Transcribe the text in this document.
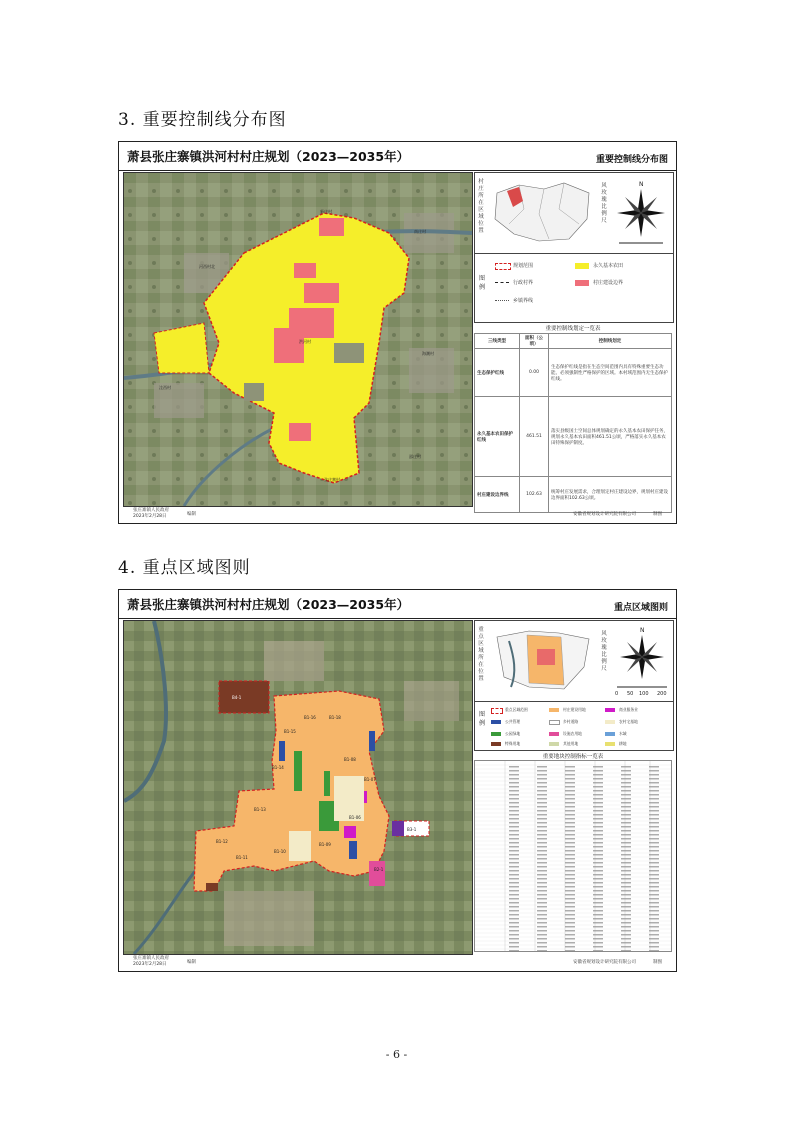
3. 重要控制线分布图
萧县张庄寨镇洪河村村庄规划（2023—2035年）	重要控制线分布图
新庄村
南庄村
河西村北
海潮村
洼西村
洪河村
邵庄村
张庄寨村
村庄所在区域位置
风玫瑰比例尺
N
图例
规划范围	永久基本农田
行政村界	村庄建设边界
乡镇界线
重要控制线划定一览表
三线类型	面积（公顷）	控制线划定
生态保护红线	0.00	生态保护红线是指在生态空间范围内具有特殊重要生态功能、必须强制性严格保护的区域。本村域范围内无生态保护红线。
永久基本农田保护红线	461.51	落实县级国土空间总体规划确定的永久基本农田保护任务，规划永久基本农田面积461.51公顷，严格落实永久基本农田特殊保护制度。
村庄建设边界线	102.63	统筹村庄发展需求，合理划定村庄建设边界，规划村庄建设边界面积102.63公顷。
张庄寨镇人民政府
2023年2月28日	编制	安徽省规划设计研究院有限公司	制图
4. 重点区域图则
萧县张庄寨镇洪河村村庄规划（2023—2035年）	重点区域图则
B4-1
B1-16
B1-15
B1-14
B1-13
B1-12
B1-11
B1-10
B1-09
B1-08
B1-07
B1-06
B2-1
B3-1
B1-18
重点区域所在位置
风玫瑰比例尺
N
0 50 100 200
图例
重点区域范围	村庄建设用地	商业服务业
公共管理	乡村道路	农村宅基地
公园绿地	设施农用地	水域
特殊用地	其他用地	耕地
重要地块控制指标一览表
张庄寨镇人民政府
2023年2月28日	编制	安徽省规划设计研究院有限公司	制图
- 6 -
